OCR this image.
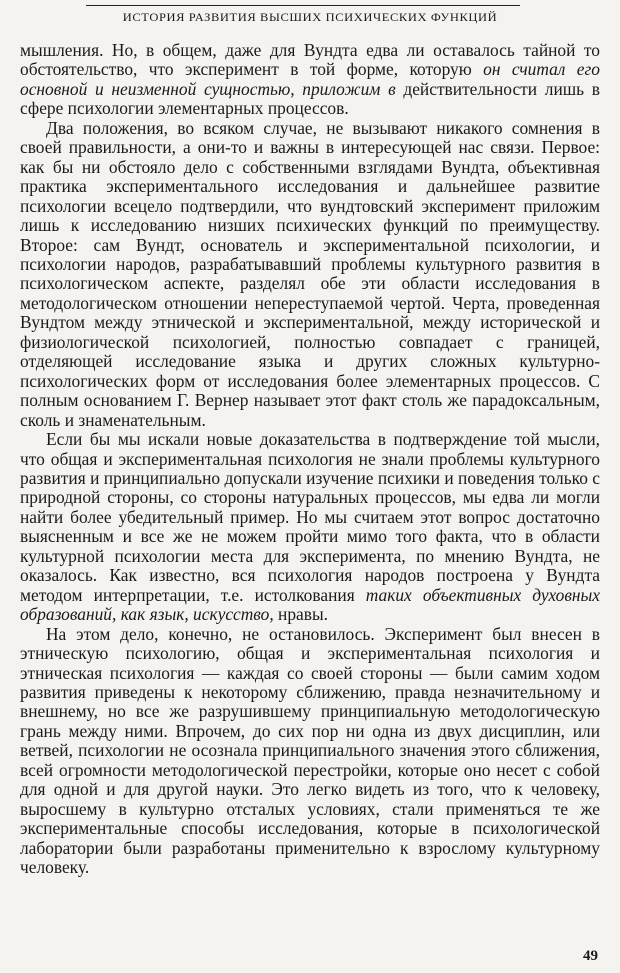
ИСТОРИЯ РАЗВИТИЯ ВЫСШИХ ПСИХИЧЕСКИХ ФУНКЦИЙ

мышления. Но, в общем, даже для Вундта едва ли оставалось тайной то обстоятельство, что эксперимент в той форме, которую он считал его основной и неизменной сущностью, приложим в действительности лишь в сфере психологии элементарных процессов.

Два положения, во всяком случае, не вызывают никакого сомнения в своей правильности, а они-то и важны в интересующей нас связи. Первое: как бы ни обстояло дело с собственными взглядами Вундта, объективная практика экспериментального исследования и дальнейшее развитие психологии всецело подтвердили, что вундтовский эксперимент приложим лишь к исследованию низших психических функций по преимуществу. Второе: сам Вундт, основатель и экспериментальной психологии, и психологии народов, разрабатывавший проблемы культурного развития в психологическом аспекте, разделял обе эти области исследования в методологическом отношении непереступаемой чертой. Черта, проведенная Вундтом между этнической и экспериментальной, между исторической и физиологической психологией, полностью совпадает с границей, отделяющей исследование языка и других сложных культурно-психологических форм от исследования более элементарных процессов. С полным основанием Г. Вернер называет этот факт столь же парадоксальным, сколь и знаменательным.

Если бы мы искали новые доказательства в подтверждение той мысли, что общая и экспериментальная психология не знали проблемы культурного развития и принципиально допускали изучение психики и поведения только с природной стороны, со стороны натуральных процессов, мы едва ли могли найти более убедительный пример. Но мы считаем этот вопрос достаточно выясненным и все же не можем пройти мимо того факта, что в области культурной психологии места для эксперимента, по мнению Вундта, не оказалось. Как известно, вся психология народов построена у Вундта методом интерпретации, т.е. истолкования таких объективных духовных образований, как язык, искусство, нравы.

На этом дело, конечно, не остановилось. Эксперимент был внесен в этническую психологию, общая и экспериментальная психология и этническая психология — каждая со своей стороны — были самим ходом развития приведены к некоторому сближению, правда незначительному и внешнему, но все же разрушившему принципиальную методологическую грань между ними. Впрочем, до сих пор ни одна из двух дисциплин, или ветвей, психологии не осознала принципиального значения этого сближения, всей огромности методологической перестройки, которые оно несет с собой для одной и для другой науки. Это легко видеть из того, что к человеку, выросшему в культурно отсталых условиях, стали применяться те же экспериментальные способы исследования, которые в психологической лаборатории были разработаны применительно к взрослому культурному человеку.

49
